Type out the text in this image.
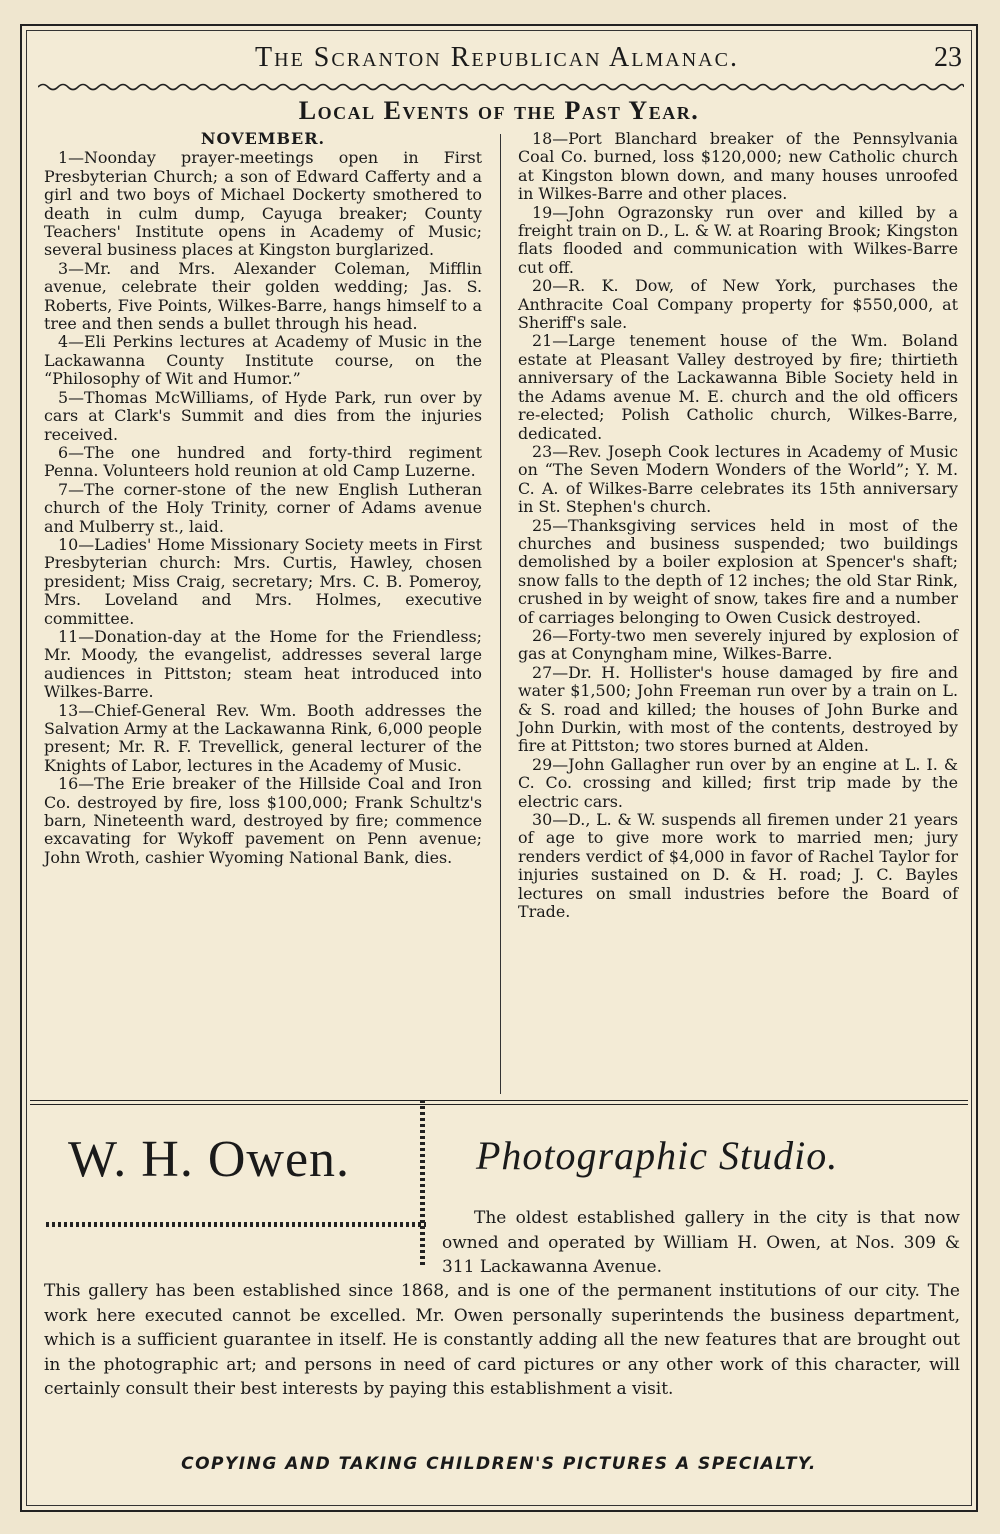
The Scranton Republican Almanac.	23
Local Events of the Past Year.
NOVEMBER.

1—Noonday prayer-meetings open in First Presbyterian Church; a son of Edward Cafferty and a girl and two boys of Michael Dockerty smothered to death in culm dump, Cayuga breaker; County Teachers' Institute opens in Academy of Music; several business places at Kingston burglarized.

3—Mr. and Mrs. Alexander Coleman, Mifflin avenue, celebrate their golden wedding; Jas. S. Roberts, Five Points, Wilkes-Barre, hangs himself to a tree and then sends a bullet through his head.

4—Eli Perkins lectures at Academy of Music in the Lackawanna County Institute course, on the “Philosophy of Wit and Humor.”

5—Thomas McWilliams, of Hyde Park, run over by cars at Clark's Summit and dies from the injuries received.

6—The one hundred and forty-third regiment Penna. Volunteers hold reunion at old Camp Luzerne.

7—The corner-stone of the new English Lutheran church of the Holy Trinity, corner of Adams avenue and Mulberry st., laid.

10—Ladies' Home Missionary Society meets in First Presbyterian church: Mrs. Curtis, Hawley, chosen president; Miss Craig, secretary; Mrs. C. B. Pomeroy, Mrs. Loveland and Mrs. Holmes, executive committee.

11—Donation-day at the Home for the Friendless; Mr. Moody, the evangelist, addresses several large audiences in Pittston; steam heat introduced into Wilkes-Barre.

13—Chief-General Rev. Wm. Booth addresses the Salvation Army at the Lackawanna Rink, 6,000 people present; Mr. R. F. Trevellick, general lecturer of the Knights of Labor, lectures in the Academy of Music.

16—The Erie breaker of the Hillside Coal and Iron Co. destroyed by fire, loss $100,000; Frank Schultz's barn, Nineteenth ward, destroyed by fire; commence excavating for Wykoff pavement on Penn avenue; John Wroth, cashier Wyoming National Bank, dies.

18—Port Blanchard breaker of the Pennsylvania Coal Co. burned, loss $120,000; new Catholic church at Kingston blown down, and many houses unroofed in Wilkes-Barre and other places.

19—John Ograzonsky run over and killed by a freight train on D., L. & W. at Roaring Brook; Kingston flats flooded and communication with Wilkes-Barre cut off.

20—R. K. Dow, of New York, purchases the Anthracite Coal Company property for $550,000, at Sheriff's sale.

21—Large tenement house of the Wm. Boland estate at Pleasant Valley destroyed by fire; thirtieth anniversary of the Lackawanna Bible Society held in the Adams avenue M. E. church and the old officers re-elected; Polish Catholic church, Wilkes-Barre, dedicated.

23—Rev. Joseph Cook lectures in Academy of Music on “The Seven Modern Wonders of the World”; Y. M. C. A. of Wilkes-Barre celebrates its 15th anniversary in St. Stephen's church.

25—Thanksgiving services held in most of the churches and business suspended; two buildings demolished by a boiler explosion at Spencer's shaft; snow falls to the depth of 12 inches; the old Star Rink, crushed in by weight of snow, takes fire and a number of carriages belonging to Owen Cusick destroyed.

26—Forty-two men severely injured by explosion of gas at Conyngham mine, Wilkes-Barre.

27—Dr. H. Hollister's house damaged by fire and water $1,500; John Freeman run over by a train on L. & S. road and killed; the houses of John Burke and John Durkin, with most of the contents, destroyed by fire at Pittston; two stores burned at Alden.

29—John Gallagher run over by an engine at L. I. & C. Co. crossing and killed; first trip made by the electric cars.

30—D., L. & W. suspends all firemen under 21 years of age to give more work to married men; jury renders verdict of $4,000 in favor of Rachel Taylor for injuries sustained on D. & H. road; J. C. Bayles lectures on small industries before the Board of Trade.

W. H. Owen.	Photographic Studio.
The oldest established gallery in the city is that now owned and operated by William H. Owen, at Nos. 309 & 311 Lackawanna Avenue.
This gallery has been established since 1868, and is one of the permanent institutions of our city. The work here executed cannot be excelled. Mr. Owen personally superintends the business department, which is a sufficient guarantee in itself. He is constantly adding all the new features that are brought out in the photographic art; and persons in need of card pictures or any other work of this character, will certainly consult their best interests by paying this establishment a visit.
COPYING AND TAKING CHILDREN'S PICTURES A SPECIALTY.
